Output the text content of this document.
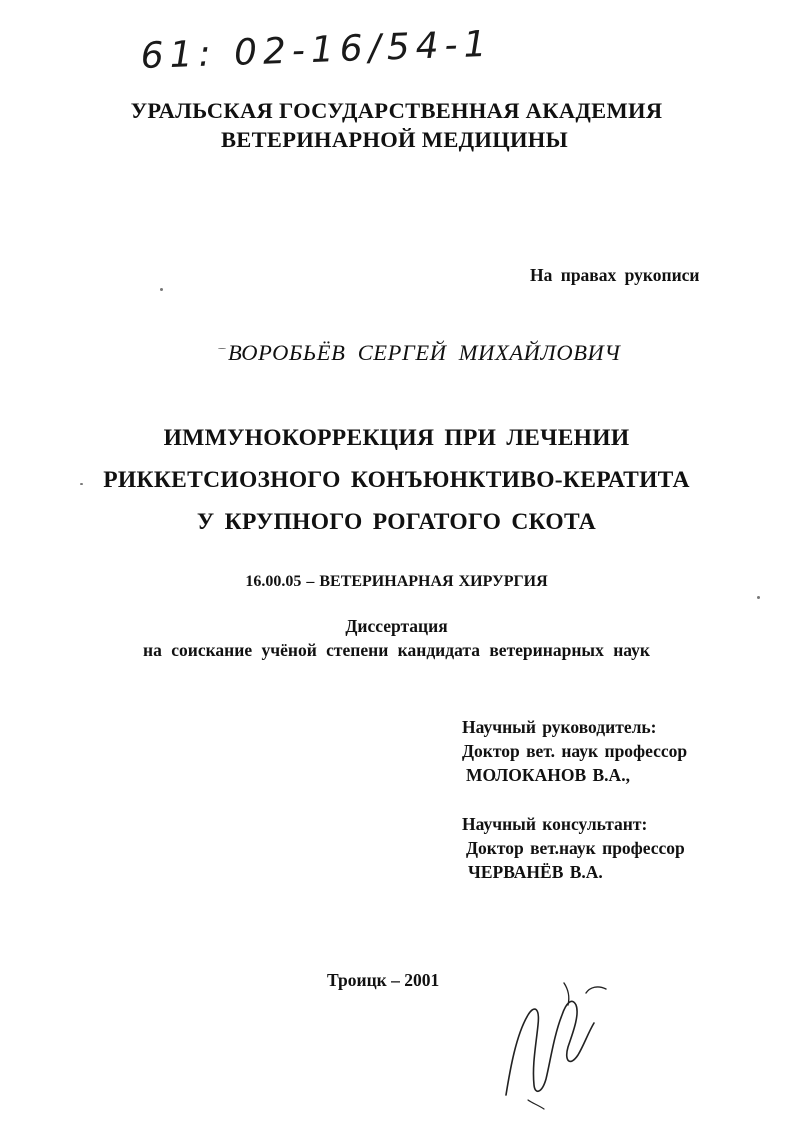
61: 02-16/54-1
УРАЛЬСКАЯ ГОСУДАРСТВЕННАЯ АКАДЕМИЯ
ВЕТЕРИНАРНОЙ МЕДИЦИНЫ
На правах рукописи
ВОРОБЬЁВ СЕРГЕЙ МИХАЙЛОВИЧ
ИММУНОКОРРЕКЦИЯ ПРИ ЛЕЧЕНИИ
РИККЕТСИОЗНОГО КОНЪЮНКТИВО-КЕРАТИТА
У КРУПНОГО РОГАТОГО СКОТА
16.00.05 – ВЕТЕРИНАРНАЯ ХИРУРГИЯ
Диссертация
на соискание учёной степени кандидата ветеринарных наук
Научный руководитель:
Доктор вет. наук профессор
МОЛОКАНОВ В.А.,
Научный консультант:
Доктор вет.наук профессор
ЧЕРВАНЁВ В.А.
Троицк – 2001
